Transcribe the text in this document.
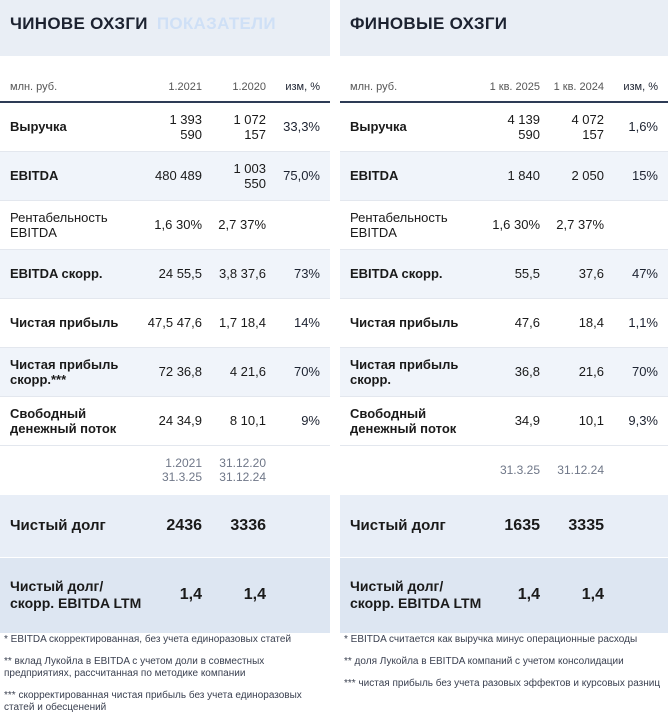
ЧИНОВЕ ОХЗГИ ПОКАЗАТЕЛИ
млн. руб.	1.2021	1.2020	изм, %
Выручка	1 393 590	1 072 157	33,3%
EBITDA	480 489	1 003 550	75,0%
Рентабельность EBITDA	1,6 30%	2,7 37%	
EBITDA скорр.	24 55,5	3,8 37,6	73%
Чистая прибыль	47,5 47,6	1,7 18,4	14%
Чистая прибыль скорр.***	72 36,8	4 21,6	70%
Свободный денежный поток	24 34,9	8 10,1	9%
	1.2021 31.3.25	31.12.20 31.12.24	
Чистый долг	2436	3336	
Чистый долг/ скорр. EBITDA LTM	1,4	1,4	
ФИНОВЫЕ ОХЗГИ
млн. руб.	1 кв. 2025	1 кв. 2024	изм, %
Выручка	4 139 590	4 072 157	1,6%
EBITDA	1 840	2 050	15%
Рентабельность EBITDA	1,6 30%	2,7 37%	
EBITDA скорр.	55,5	37,6	47%
Чистая прибыль	47,6	18,4	1,1%
Чистая прибыль скорр.	36,8	21,6	70%
Свободный денежный поток	34,9	10,1	9,3%
	31.3.25	31.12.24	
Чистый долг	1635	3335	
Чистый долг/ скорр. EBITDA LTM	1,4	1,4	

* EBITDA скорректированная, без учета единоразовых статей

** вклад Лукойла в EBITDA с учетом доли в совместных предприятиях, рассчитанная по методике компании

*** скорректированная чистая прибыль без учета единоразовых статей и обесценений

* EBITDA считается как выручка минус операционные расходы

** доля Лукойла в EBITDA компаний с учетом консолидации

*** чистая прибыль без учета разовых эффектов и курсовых разниц
